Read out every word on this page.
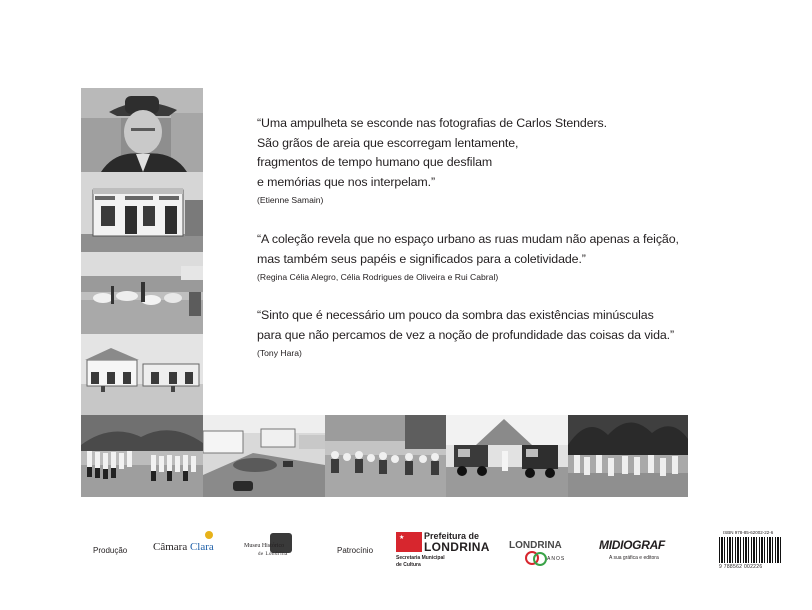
“Uma ampulheta se esconde nas fotografias de Carlos Stenders.
São grãos de areia que escorregam lentamente,
fragmentos de tempo humano que desfilam
e memórias que nos interpelam.”
(Etienne Samain)
“A coleção revela que no espaço urbano as ruas mudam não apenas a feição,
mas também seus papéis e significados para a coletividade.”
(Regina Célia Alegro, Célia Rodrigues de Oliveira e Rui Cabral)
“Sinto que é necessário um pouco da sombra das existências minúsculas
para que não percamos de vez a noção de profundidade das coisas da vida.”
(Tony Hara)
Produção Câmara Clara	Museu Histórico
de Londrina	Patrocínio
★ Prefeitura de
LONDRINA
Secretaria Municipal
de Cultura
LONDRINA
ANOS
MIDIOGRAF
A sua gráfica e editora
ISBN 978-85-62002-22-6
9 788562 002226
